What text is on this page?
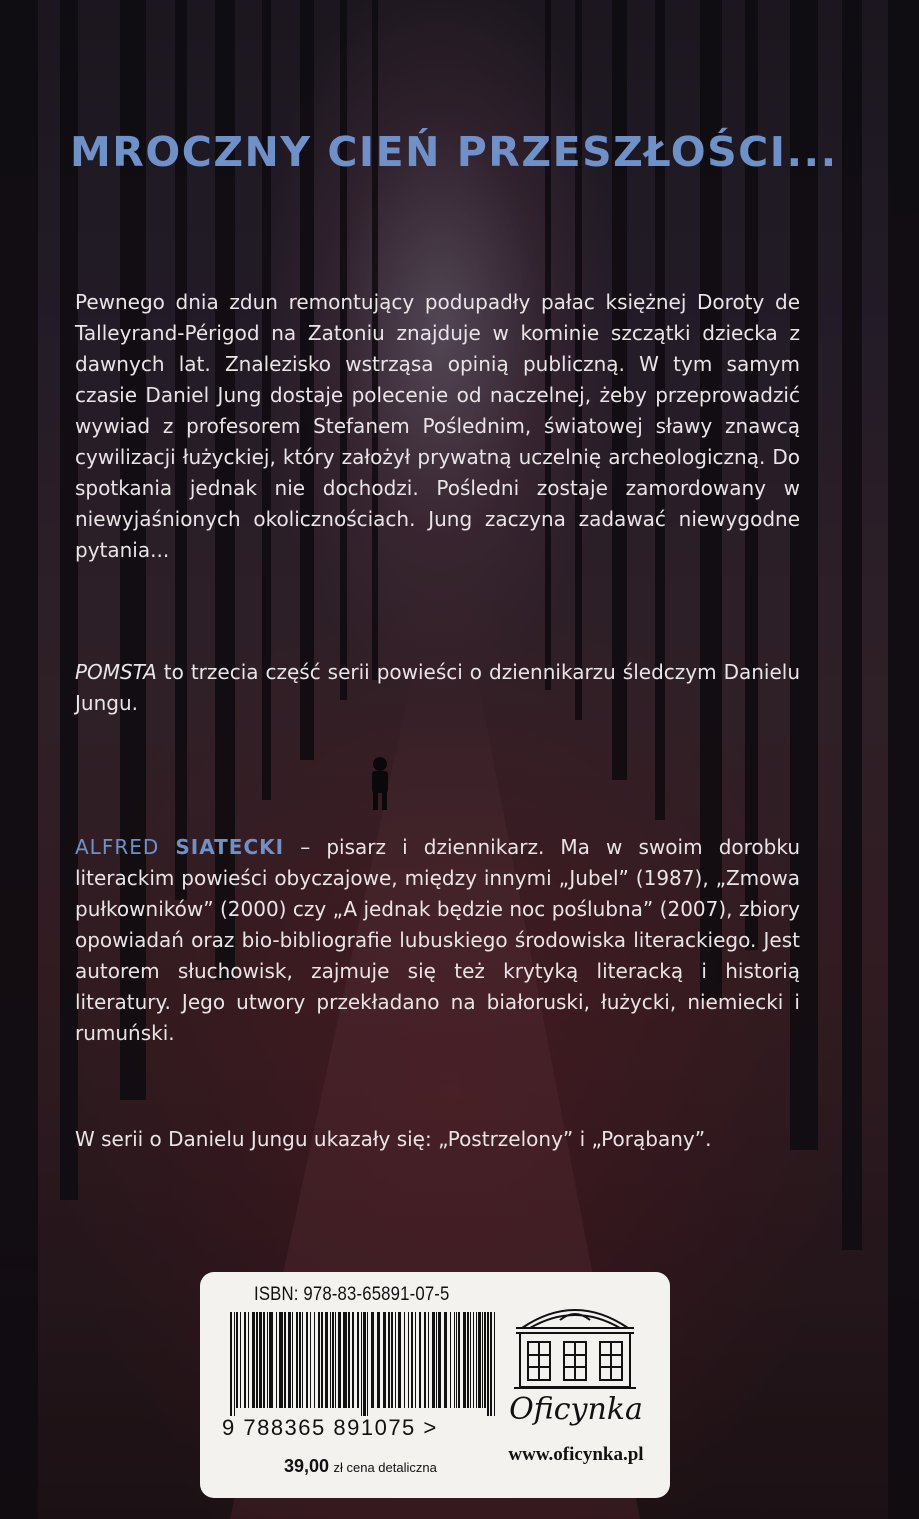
MROCZNY CIEŃ PRZESZŁOŚCI...

Pewnego dnia zdun remontujący podupadły pałac księżnej Doroty de Talleyrand-Périgod na Zatoniu znajduje w kominie szczątki dziecka z dawnych lat. Znalezisko wstrząsa opinią publiczną. W tym samym czasie Daniel Jung dostaje polecenie od naczelnej, żeby przeprowadzić wywiad z profesorem Stefanem Poślednim, światowej sławy znawcą cywilizacji łużyckiej, który założył prywatną uczelnię archeologiczną. Do spotkania jednak nie dochodzi. Pośledni zostaje zamordowany w niewyjaśnionych okolicznościach. Jung zaczyna zadawać niewygodne pytania...

POMSTA to trzecia część serii powieści o dziennikarzu śledczym Danielu Jungu.

ALFRED SIATECKI – pisarz i dziennikarz. Ma w swoim dorobku literackim powieści obyczajowe, między innymi „Jubel” (1987), „Zmowa pułkowników” (2000) czy „A jednak będzie noc poślubna” (2007), zbiory opowiadań oraz bio-bibliografie lubuskiego środowiska literackiego. Jest autorem słuchowisk, zajmuje się też krytyką literacką i historią literatury. Jego utwory przekładano na białoruski, łużycki, niemiecki i rumuński.

W serii o Danielu Jungu ukazały się: „Postrzelony” i „Porąbany”.

ISBN: 978-83-65891-07-5
9 788365 891075 >
39,00 zł cena detaliczna
Oficynka
www.oficynka.pl
